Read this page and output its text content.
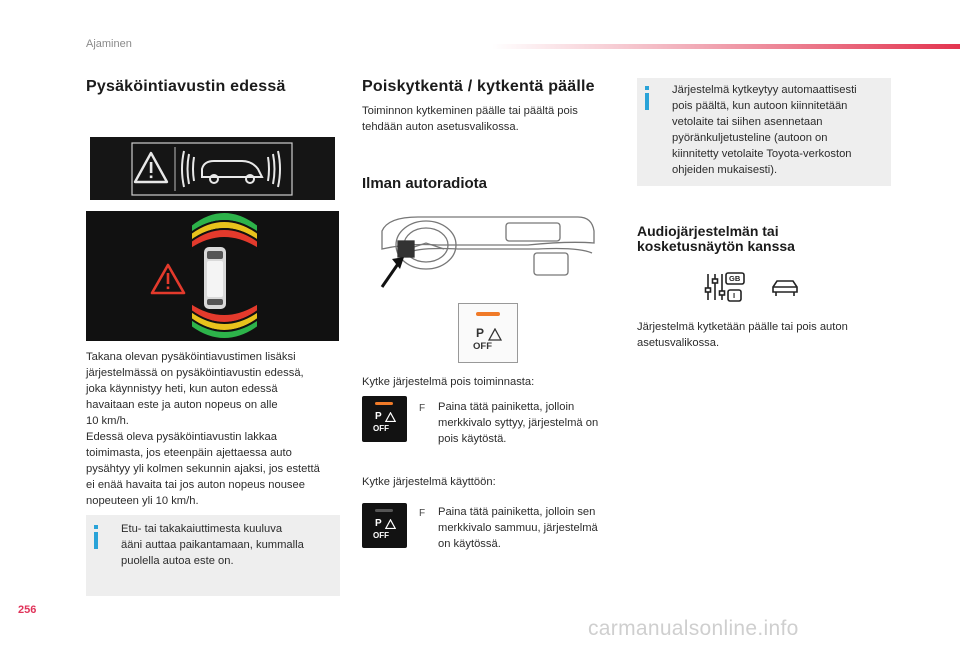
Ajaminen
Pysäköintiavustin edessä
Takana olevan pysäköintiavustimen lisäksi
järjestelmässä on pysäköintiavustin edessä,
joka käynnistyy heti, kun auton edessä
havaitaan este ja auton nopeus on alle
10 km/h.
Edessä oleva pysäköintiavustin lakkaa
toimimasta, jos eteenpäin ajettaessa auto
pysähtyy yli kolmen sekunnin ajaksi, jos estettä
ei enää havaita tai jos auton nopeus nousee
nopeuteen yli 10 km/h.
Etu- tai takakaiuttimesta kuuluva
ääni auttaa paikantamaan, kummalla
puolella autoa este on.
Poiskytkentä / kytkentä päälle
Toiminnon kytkeminen päälle tai päältä pois
tehdään auton asetusvalikossa.
Ilman autoradiota
P
OFF
Kytke järjestelmä pois toiminnasta:
P
OFF
F Paina tätä painiketta, jolloin
merkkivalo syttyy, järjestelmä on
pois käytöstä.
Kytke järjestelmä käyttöön:
P
OFF
F Paina tätä painiketta, jolloin sen
merkkivalo sammuu, järjestelmä
on käytössä.
Järjestelmä kytkeytyy automaattisesti
pois päältä, kun autoon kiinnitetään
vetolaite tai siihen asennetaan
pyöränkuljetusteline (autoon on
kiinnitetty vetolaite Toyota-verkoston
ohjeiden mukaisesti).
Audiojärjestelmän tai
kosketusnäytön kanssa
GB
I
Järjestelmä kytketään päälle tai pois auton
asetusvalikossa.
256
carmanualsonline.info
